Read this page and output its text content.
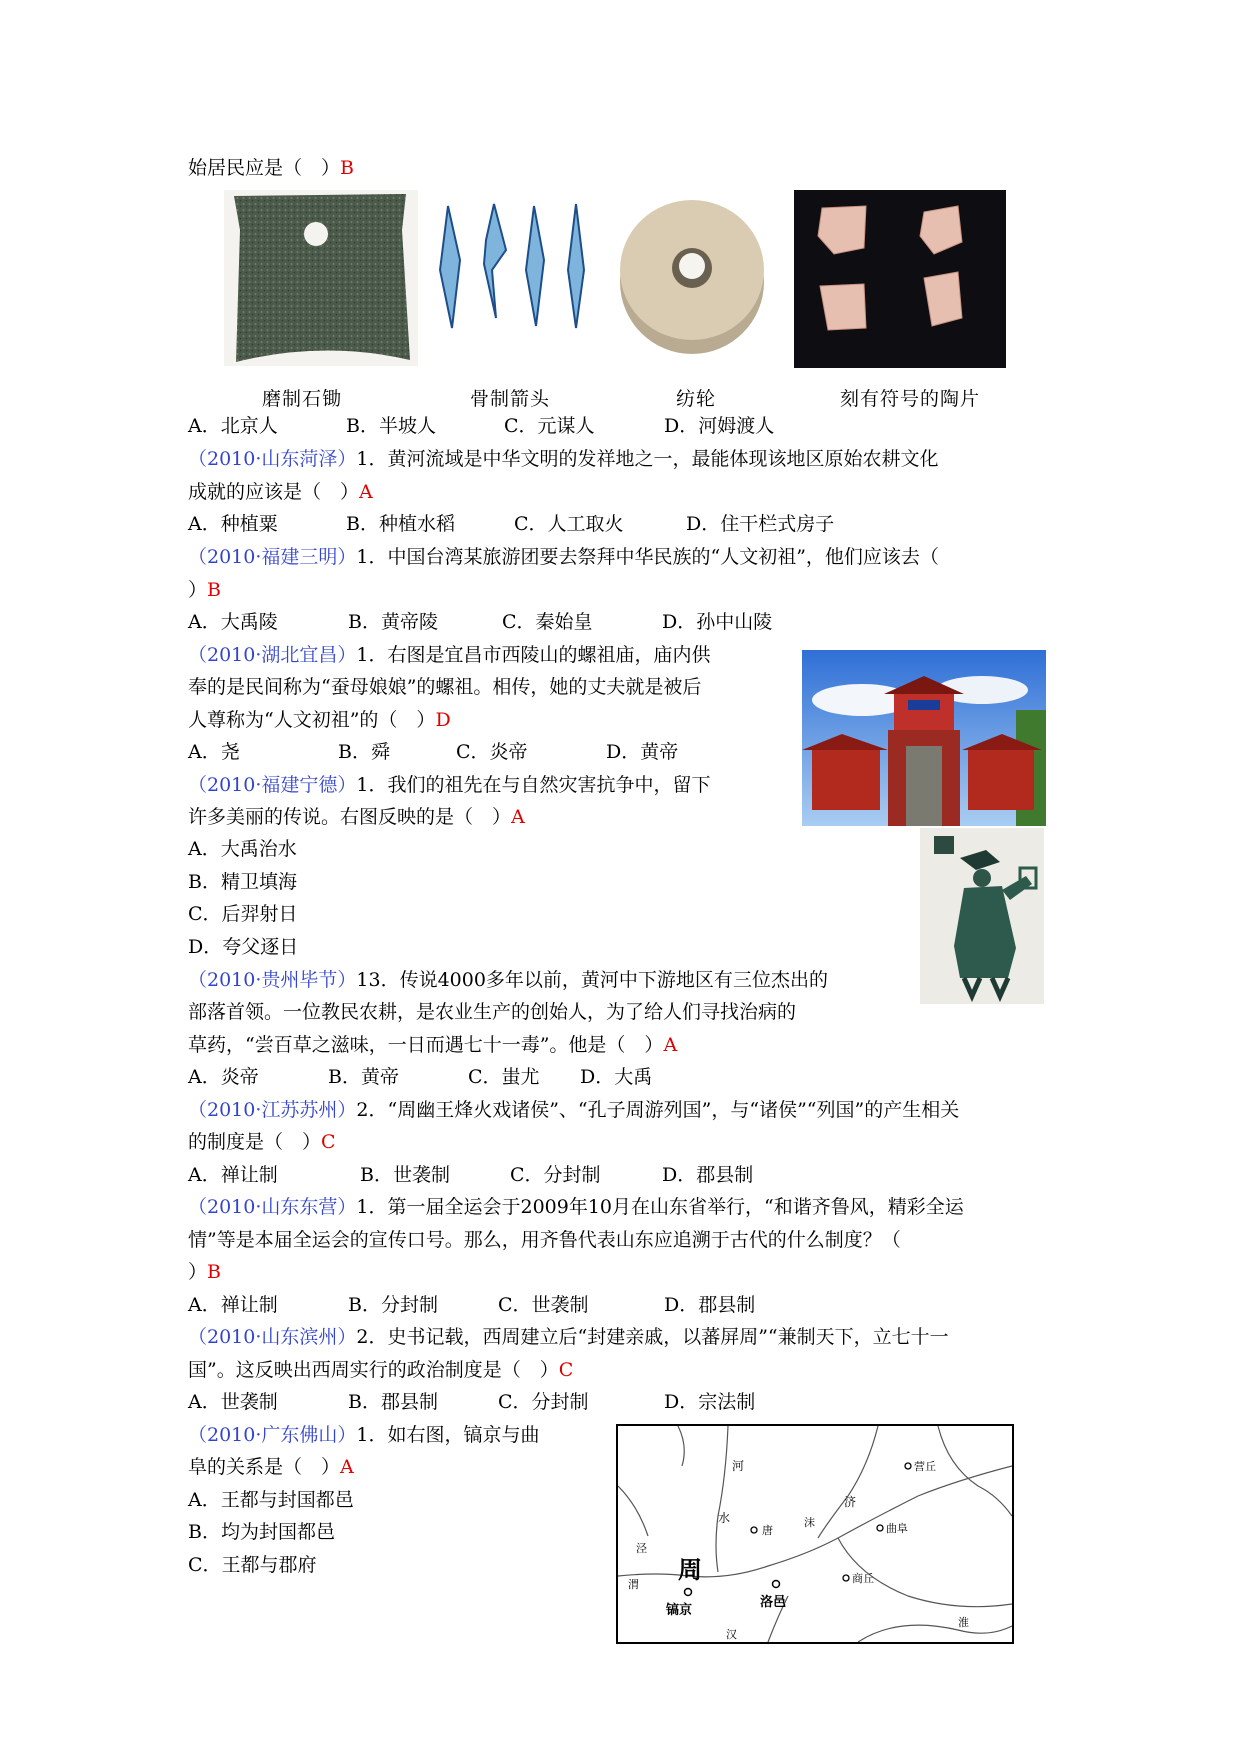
始居民应是（　）B
磨制石锄	骨制箭头	纺轮	刻有符号的陶片
A．北京人	B．半坡人	C．元谋人	D．河姆渡人
（2010·山东菏泽）1．黄河流域是中华文明的发祥地之一，最能体现该地区原始农耕文化
成就的应该是（　）A
A．种植粟	B．种植水稻	C．人工取火	D．住干栏式房子
（2010·福建三明）1．中国台湾某旅游团要去祭拜中华民族的“人文初祖”，他们应该去（
）B
A．大禹陵	B．黄帝陵	C．秦始皇	D．孙中山陵
（2010·湖北宜昌）1．右图是宜昌市西陵山的螺祖庙，庙内供
奉的是民间称为“蚕母娘娘”的螺祖。相传，她的丈夫就是被后
人尊称为“人文初祖”的（　）D
A．尧	B．舜	C．炎帝	D．黄帝
（2010·福建宁德）1．我们的祖先在与自然灾害抗争中，留下
许多美丽的传说。右图反映的是（　）A
A．大禹治水
B．精卫填海
C．后羿射日
D．夸父逐日
（2010·贵州毕节）13．传说4000多年以前，黄河中下游地区有三位杰出的
部落首领。一位教民农耕，是农业生产的创始人，为了给人们寻找治病的
草药，“尝百草之滋味，一日而遇七十一毒”。他是（　）A
A．炎帝	B．黄帝	C．蚩尤 D．大禹
（2010·江苏苏州）2．“周幽王烽火戏诸侯”、“孔子周游列国”，与“诸侯”“列国”的产生相关
的制度是（　）C
A．禅让制	B．世袭制	C．分封制	D．郡县制
（2010·山东东营）1．第一届全运会于2009年10月在山东省举行，“和谐齐鲁风，精彩全运
情”等是本届全运会的宣传口号。那么，用齐鲁代表山东应追溯于古代的什么制度？（
）B
A．禅让制	B．分封制	C．世袭制	D．郡县制
（2010·山东滨州）2．史书记载，西周建立后“封建亲戚，以蕃屏周”“兼制天下，立七十一
国”。这反映出西周实行的政治制度是（　）C
A．世袭制	B．郡县制	C．分封制	D．宗法制
（2010·广东佛山）1．如右图，镐京与曲
阜的关系是（　）A
A．王都与封国都邑
B．均为封国都邑
C．王都与郡府	周
镐京
洛邑
唐	曲阜
商丘
营丘
河
水
济
沫
泾
渭
淮
汉
